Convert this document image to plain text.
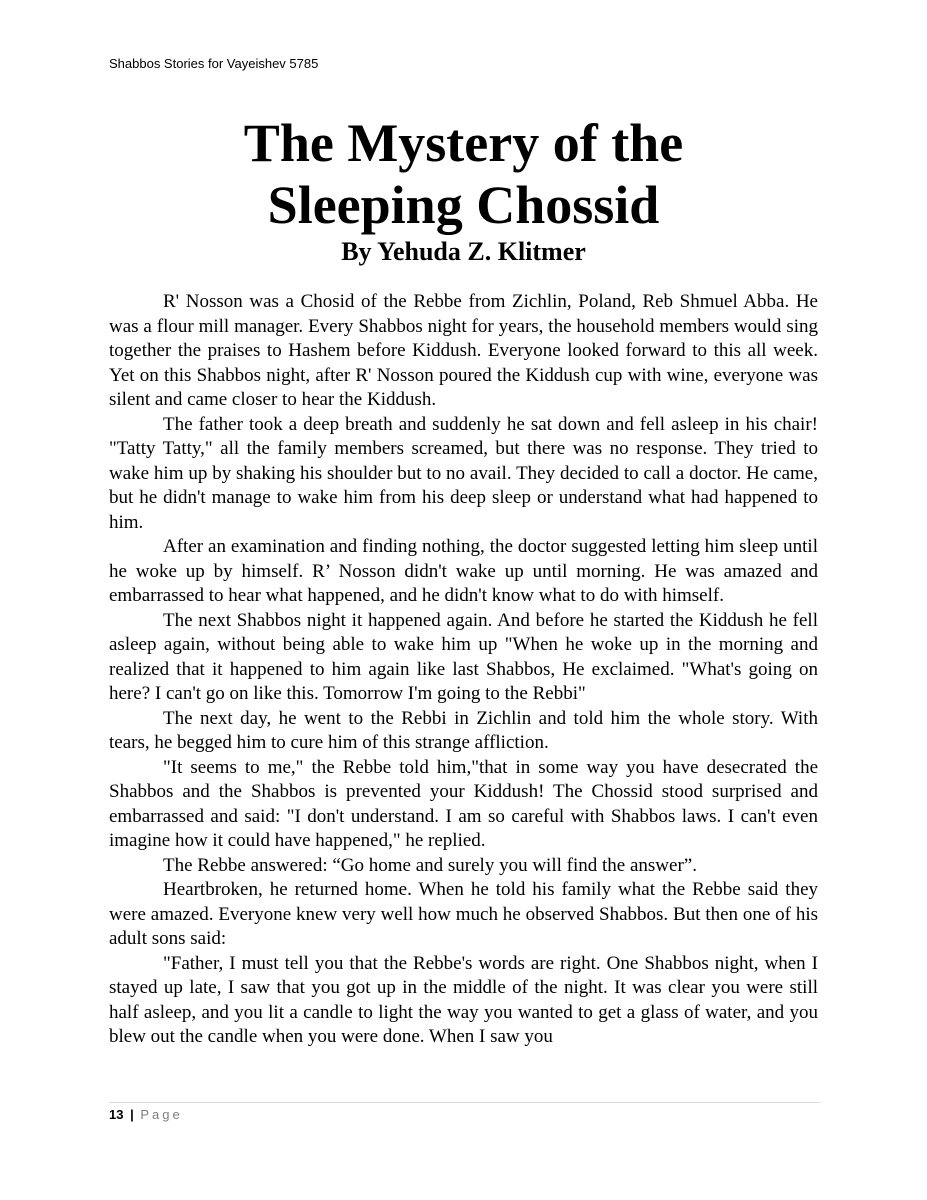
Shabbos Stories for Vayeishev 5785
The Mystery of the
Sleeping Chossid
By Yehuda Z. Klitmer

R' Nosson was a Chosid of the Rebbe from Zichlin, Poland, Reb Shmuel Abba. He was a flour mill manager. Every Shabbos night for years, the household members would sing together the praises to Hashem before Kiddush. Everyone looked forward to this all week. Yet on this Shabbos night, after R' Nosson poured the Kiddush cup with wine, everyone was silent and came closer to hear the Kiddush.

The father took a deep breath and suddenly he sat down and fell asleep in his chair! "Tatty Tatty," all the family members screamed, but there was no response. They tried to wake him up by shaking his shoulder but to no avail. They decided to call a doctor. He came, but he didn't manage to wake him from his deep sleep or understand what had happened to him.

After an examination and finding nothing, the doctor suggested letting him sleep until he woke up by himself. R’ Nosson didn't wake up until morning. He was amazed and embarrassed to hear what happened, and he didn't know what to do with himself.

The next Shabbos night it happened again. And before he started the Kiddush he fell asleep again, without being able to wake him up "When he woke up in the morning and realized that it happened to him again like last Shabbos, He exclaimed. "What's going on here? I can't go on like this. Tomorrow I'm going to the Rebbi"

The next day, he went to the Rebbi in Zichlin and told him the whole story. With tears, he begged him to cure him of this strange affliction.

"It seems to me," the Rebbe told him,"that in some way you have desecrated the Shabbos and the Shabbos is prevented your Kiddush! The Chossid stood surprised and embarrassed and said: "I don't understand. I am so careful with Shabbos laws. I can't even imagine how it could have happened," he replied.

The Rebbe answered: “Go home and surely you will find the answer”.

Heartbroken, he returned home. When he told his family what the Rebbe said they were amazed. Everyone knew very well how much he observed Shabbos. But then one of his adult sons said:

"Father, I must tell you that the Rebbe's words are right. One Shabbos night, when I stayed up late, I saw that you got up in the middle of the night. It was clear you were still half asleep, and you lit a candle to light the way you wanted to get a glass of water, and you blew out the candle when you were done. When I saw you

13 | Page
